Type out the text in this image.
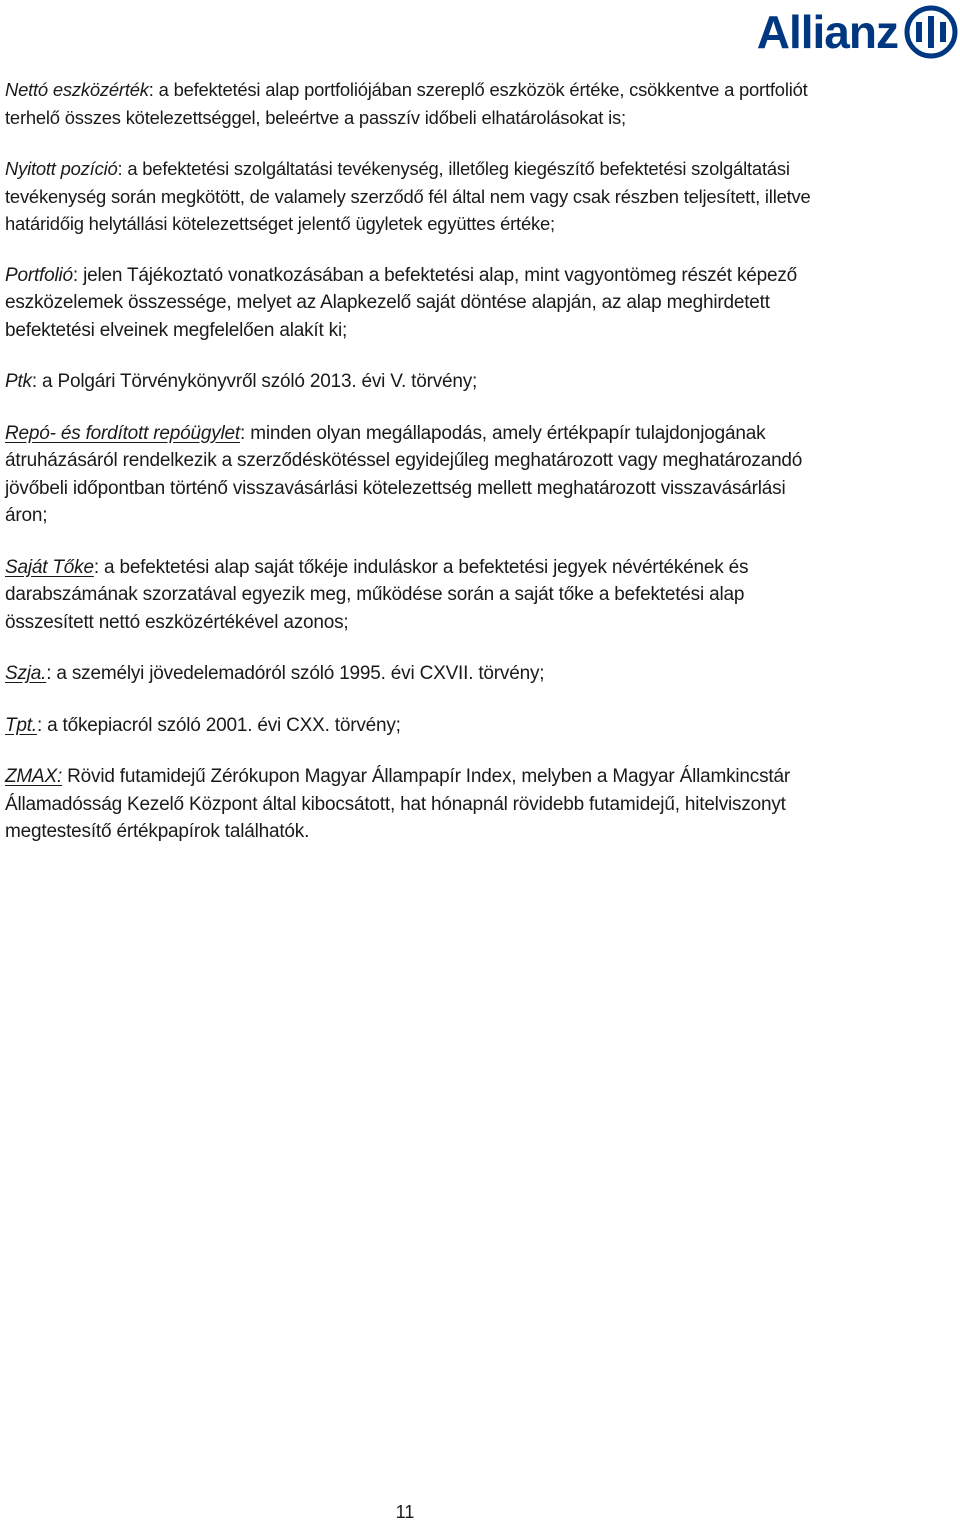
Allianz

Nettó eszközérték: a befektetési alap portfoliójában szereplő eszközök értéke, csökkentve a portfoliót terhelő összes kötelezettséggel, beleértve a passzív időbeli elhatárolásokat is;

Nyitott pozíció: a befektetési szolgáltatási tevékenység, illetőleg kiegészítő befektetési szolgáltatási tevékenység során megkötött, de valamely szerződő fél által nem vagy csak részben teljesített, illetve határidőig helytállási kötelezettséget jelentő ügyletek együttes értéke;

Portfolió: jelen Tájékoztató vonatkozásában a befektetési alap, mint vagyontömeg részét képező eszközelemek összessége, melyet az Alapkezelő saját döntése alapján, az alap meghirdetett befektetési elveinek megfelelően alakít ki;

Ptk: a Polgári Törvénykönyvről szóló 2013. évi V. törvény;

Repó- és fordított repóügylet: minden olyan megállapodás, amely értékpapír tulajdonjogának átruházásáról rendelkezik a szerződéskötéssel egyidejűleg meghatározott vagy meghatározandó jövőbeli időpontban történő visszavásárlási kötelezettség mellett meghatározott visszavásárlási áron;

Saját Tőke: a befektetési alap saját tőkéje induláskor a befektetési jegyek névértékének és darabszámának szorzatával egyezik meg, működése során a saját tőke a befektetési alap összesített nettó eszközértékével azonos;

Szja.: a személyi jövedelemadóról szóló 1995. évi CXVII. törvény;

Tpt.: a tőkepiacról szóló 2001. évi CXX. törvény;

ZMAX: Rövid futamidejű Zérókupon Magyar Állampapír Index, melyben a Magyar Államkincstár Államadósság Kezelő Központ által kibocsátott, hat hónapnál rövidebb futamidejű, hitelviszonyt megtestesítő értékpapírok találhatók.

11
